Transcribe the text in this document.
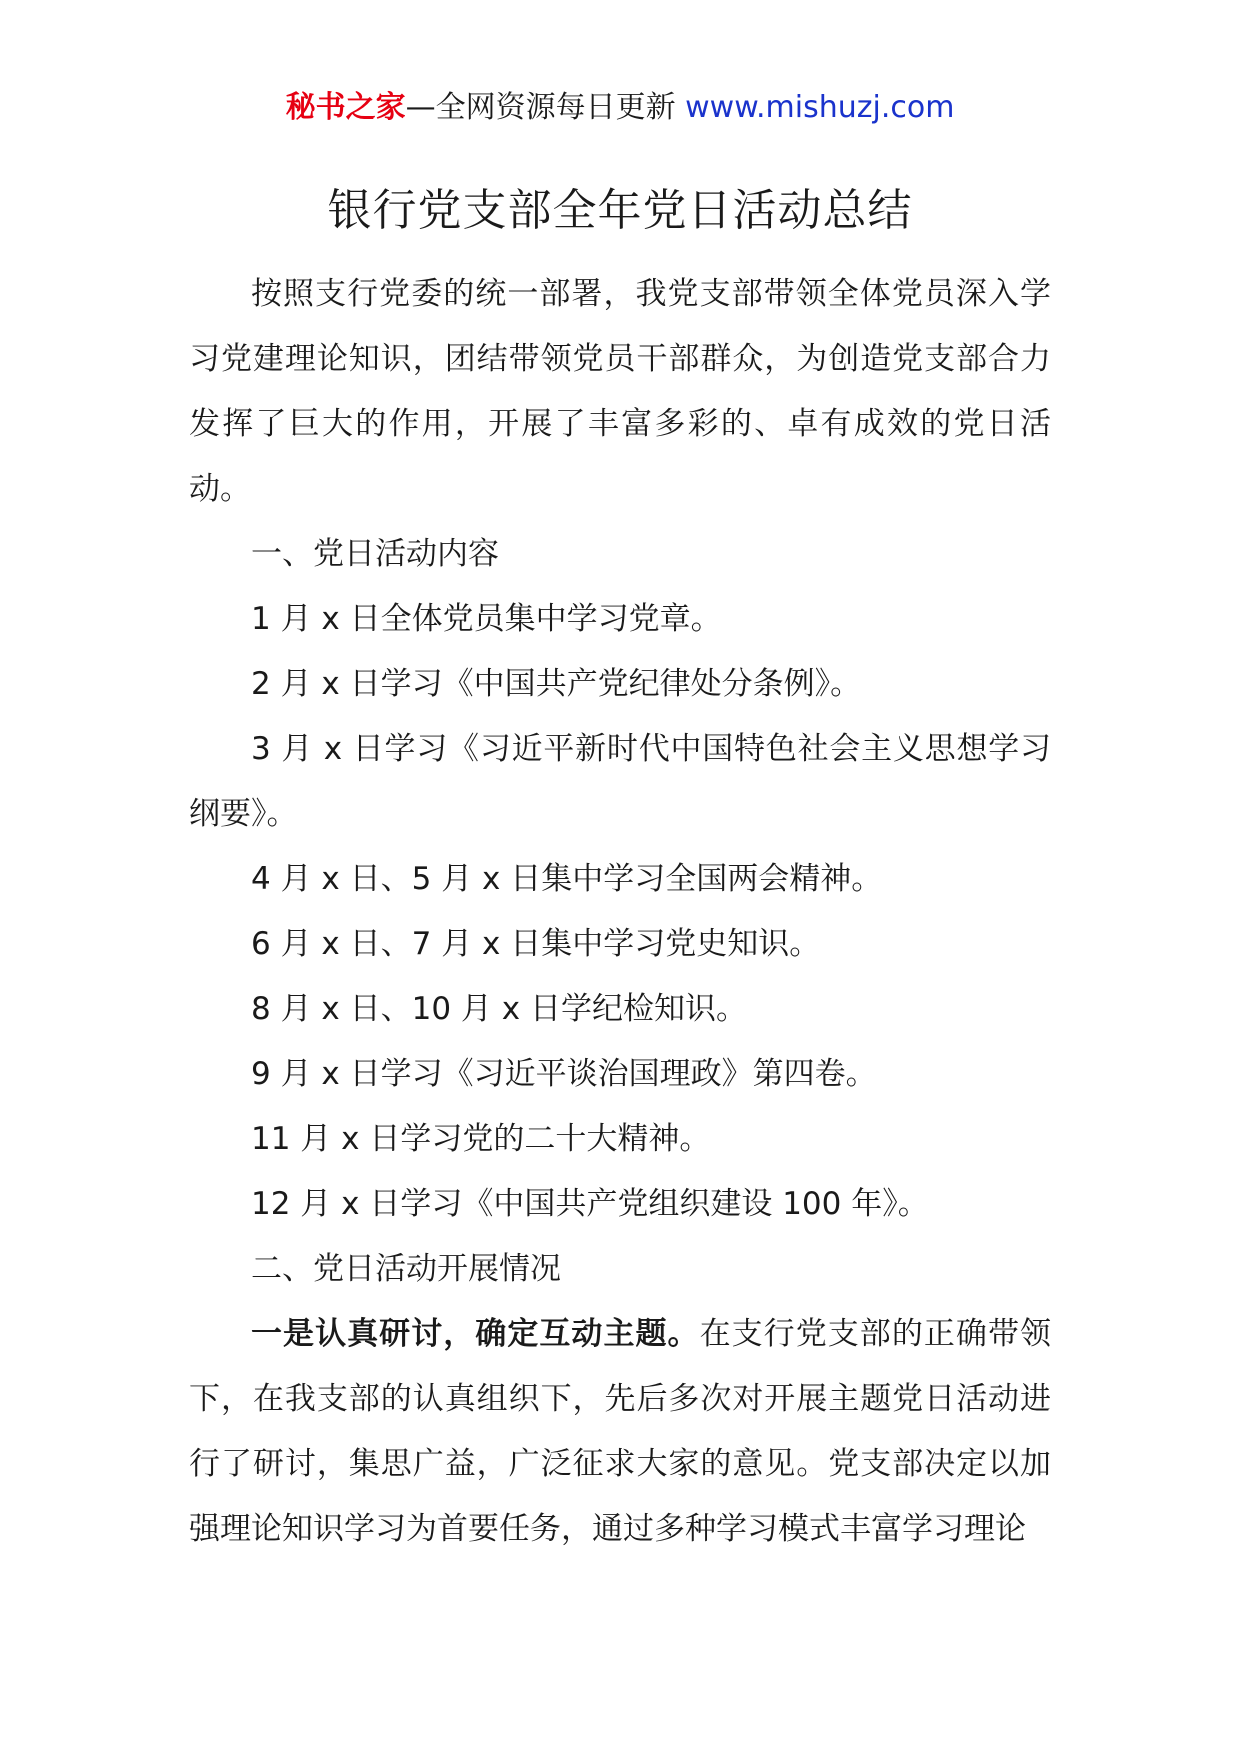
秘书之家—全网资源每日更新 www.mishuzj.com
银行党支部全年党日活动总结

按照支行党委的统一部署，我党支部带领全体党员深入学习党建理论知识，团结带领党员干部群众，为创造党支部合力发挥了巨大的作用，开展了丰富多彩的、卓有成效的党日活动。

一、党日活动内容

1 月 x 日全体党员集中学习党章。

2 月 x 日学习《中国共产党纪律处分条例》。

3 月 x 日学习《习近平新时代中国特色社会主义思想学习纲要》。

4 月 x 日、5 月 x 日集中学习全国两会精神。

6 月 x 日、7 月 x 日集中学习党史知识。

8 月 x 日、10 月 x 日学纪检知识。

9 月 x 日学习《习近平谈治国理政》第四卷。

11 月 x 日学习党的二十大精神。

12 月 x 日学习《中国共产党组织建设 100 年》。

二、党日活动开展情况

一是认真研讨，确定互动主题。在支行党支部的正确带领下，在我支部的认真组织下，先后多次对开展主题党日活动进行了研讨，集思广益，广泛征求大家的意见。党支部决定以加强理论知识学习为首要任务，通过多种学习模式丰富学习理论
